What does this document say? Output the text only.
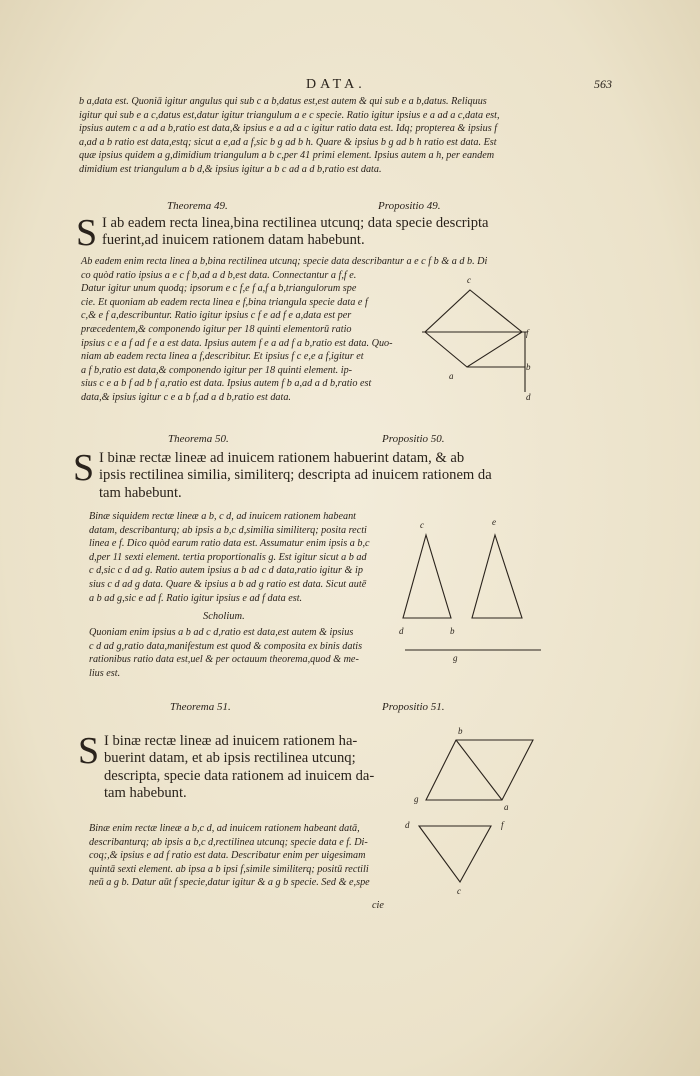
DATA.	563
b a,data est. Quoniā igitur angulus qui sub c a b,datus est,est autem & qui sub e a b,datus. Reliquus
igitur qui sub e a c,datus est,datur igitur triangulum a e c specie. Ratio igitur ipsius e a ad a c,data est,
ipsius autem c a ad a b,ratio est data,& ipsius e a ad a c igitur ratio data est. Idq; propterea & ipsius f
a,ad a b ratio est data,estq; sicut a e,ad a f,sic b g ad b h. Quare & ipsius b g ad b h ratio est data. Est
quæ ipsius quidem a g,dimidium triangulum a b c,per 41 primi element. Ipsius autem a h, per eandem
dimidium est triangulum a b d,& ipsius igitur a b c ad a d b,ratio est data.
Theorema 49.	Propositio 49.
S I ab eadem recta linea,bina rectilinea utcunq; data specie descripta
fuerint,ad inuicem rationem datam habebunt.
Ab eadem enim recta linea a b,bina rectilinea utcunq; specie data describantur a e c f b & a d b. Di
co quòd ratio ipsius a e c f b,ad a d b,est data. Connectantur a f,f e.
Datur igitur unum quodq; ipsorum e c f,e f a,f a b,triangulorum spe
cie. Et quoniam ab eadem recta linea e f,bina triangula specie data e f
c,& e f a,describuntur. Ratio igitur ipsius c f e ad f e a,data est per
præcedentem,& componendo igitur per 18 quinti elementorū ratio
ipsius c e a f ad f e a est data. Ipsius autem f e a ad f a b,ratio est data. Quo-
niam ab eadem recta linea a f,describitur. Et ipsius f c e,e a f,igitur et
a f b,ratio est data,& componendo igitur per 18 quinti element. ip-
sius c e a b f ad b f a,ratio est data. Ipsius autem f b a,ad a d b,ratio est
data,& ipsius igitur c e a b f,ad a d b,ratio est data.
c
f
b
d
a
Theorema 50.	Propositio 50.
S I binæ rectæ lineæ ad inuicem rationem habuerint datam, & ab
ipsis rectilinea similia, similiterq; descripta ad inuicem rationem da
tam habebunt.
Binæ siquidem rectæ lineæ a b, c d, ad inuicem rationem habeant
datam, describanturq; ab ipsis a b,c d,similia similiterq; posita recti
linea e f. Dico quòd earum ratio data est. Assumatur enim ipsis a b,c
d,per 11 sexti element. tertia proportionalis g. Est igitur sicut a b ad
c d,sic c d ad g. Ratio autem ipsius a b ad c d data,ratio igitur & ip
sius c d ad g data. Quare & ipsius a b ad g ratio est data. Sicut autē
a b ad g,sic e ad f. Ratio igitur ipsius e ad f data est.
Scholium.
Quoniam enim ipsius a b ad c d,ratio est data,est autem & ipsius
c d ad g,ratio data,manifestum est quod & composita ex binis datis
rationibus ratio data est,uel & per octauum theorema,quod & me-
lius est.
c	e
d	b
g
Theorema 51.	Propositio 51.
S I binæ rectæ lineæ ad inuicem rationem ha-
buerint datam, et ab ipsis rectilinea utcunq;
descripta, specie data rationem ad inuicem da-
tam habebunt.
Binæ enim rectæ lineæ a b,c d, ad inuicem rationem habeant datā,
describanturq; ab ipsis a b,c d,rectilinea utcunq; specie data e f. Di-
coq;,& ipsius e ad f ratio est data. Describatur enim per uigesimam
quintā sexti element. ab ipsa a b ipsi f,simile similiterq; positū rectili
neū a g b. Datur aūt f specie,datur igitur & a g b specie. Sed & e,spe
cie
b
g
a
d	f
c
